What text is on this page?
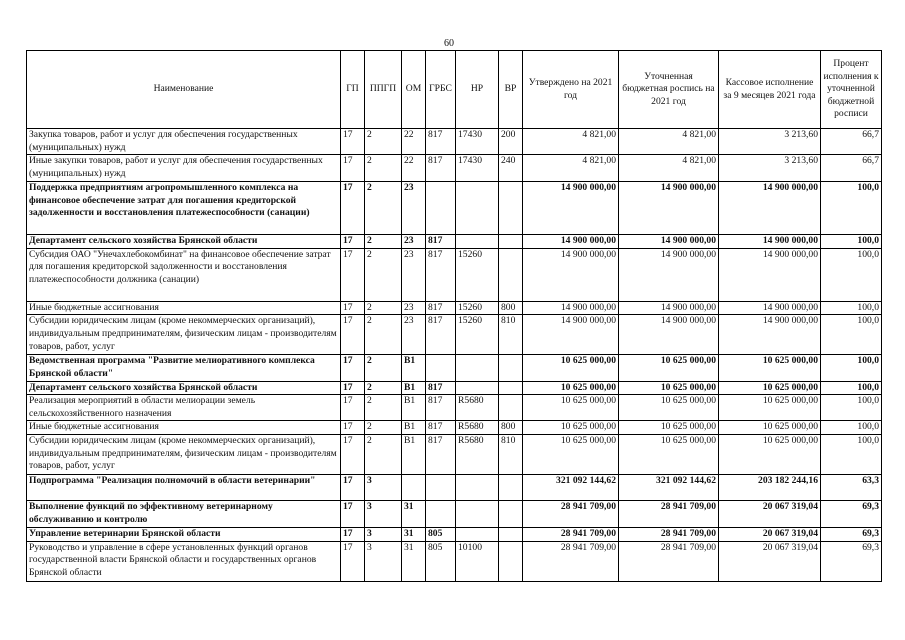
60
Наименование	ГП	ППГП	ОМ	ГРБС	НР	ВР	Утверждено на 2021 год	Уточненная бюджетная роспись на 2021 год	Кассовое исполнение за 9 месяцев 2021 года	Процент исполнения к уточненной бюджетной росписи
Закупка товаров, работ и услуг для обеспечения государственных (муниципальных) нужд	17	2	22	817	17430	200	4 821,00	4 821,00	3 213,60	66,7
Иные закупки товаров, работ и услуг для обеспечения государственных (муниципальных) нужд	17	2	22	817	17430	240	4 821,00	4 821,00	3 213,60	66,7
Поддержка предприятиям агропромышленного комплекса на финансовое обеспечение затрат для погашения кредиторской задолженности и восстановления платежеспособности (санации)	17	2	23				14 900 000,00	14 900 000,00	14 900 000,00	100,0
Департамент сельского хозяйства Брянской области	17	2	23	817			14 900 000,00	14 900 000,00	14 900 000,00	100,0
Субсидия ОАО "Унечахлебокомбинат" на финансовое обеспечение затрат для погашения кредиторской задолженности и восстановления платежеспособности должника (санации)	17	2	23	817	15260		14 900 000,00	14 900 000,00	14 900 000,00	100,0
Иные бюджетные ассигнования	17	2	23	817	15260	800	14 900 000,00	14 900 000,00	14 900 000,00	100,0
Субсидии юридическим лицам (кроме некоммерческих организаций), индивидуальным предпринимателям, физическим лицам - производителям товаров, работ, услуг	17	2	23	817	15260	810	14 900 000,00	14 900 000,00	14 900 000,00	100,0
Ведомственная программа "Развитие мелиоративного комплекса Брянской области"	17	2	В1				10 625 000,00	10 625 000,00	10 625 000,00	100,0
Департамент сельского хозяйства Брянской области	17	2	В1	817			10 625 000,00	10 625 000,00	10 625 000,00	100,0
Реализация мероприятий в области мелиорации земель сельскохозяйственного назначения	17	2	В1	817	R5680		10 625 000,00	10 625 000,00	10 625 000,00	100,0
Иные бюджетные ассигнования	17	2	В1	817	R5680	800	10 625 000,00	10 625 000,00	10 625 000,00	100,0
Субсидии юридическим лицам (кроме некоммерческих организаций), индивидуальным предпринимателям, физическим лицам - производителям товаров, работ, услуг	17	2	В1	817	R5680	810	10 625 000,00	10 625 000,00	10 625 000,00	100,0
Подпрограмма "Реализация полномочий в области ветеринарии"	17	3					321 092 144,62	321 092 144,62	203 182 244,16	63,3
Выполнение функций по эффективному ветеринарному обслуживанию и контролю	17	3	31				28 941 709,00	28 941 709,00	20 067 319,04	69,3
Управление ветеринарии Брянской области	17	3	31	805			28 941 709,00	28 941 709,00	20 067 319,04	69,3
Руководство и управление в сфере установленных функций органов государственной власти Брянской области и государственных органов Брянской области	17	3	31	805	10100		28 941 709,00	28 941 709,00	20 067 319,04	69,3
